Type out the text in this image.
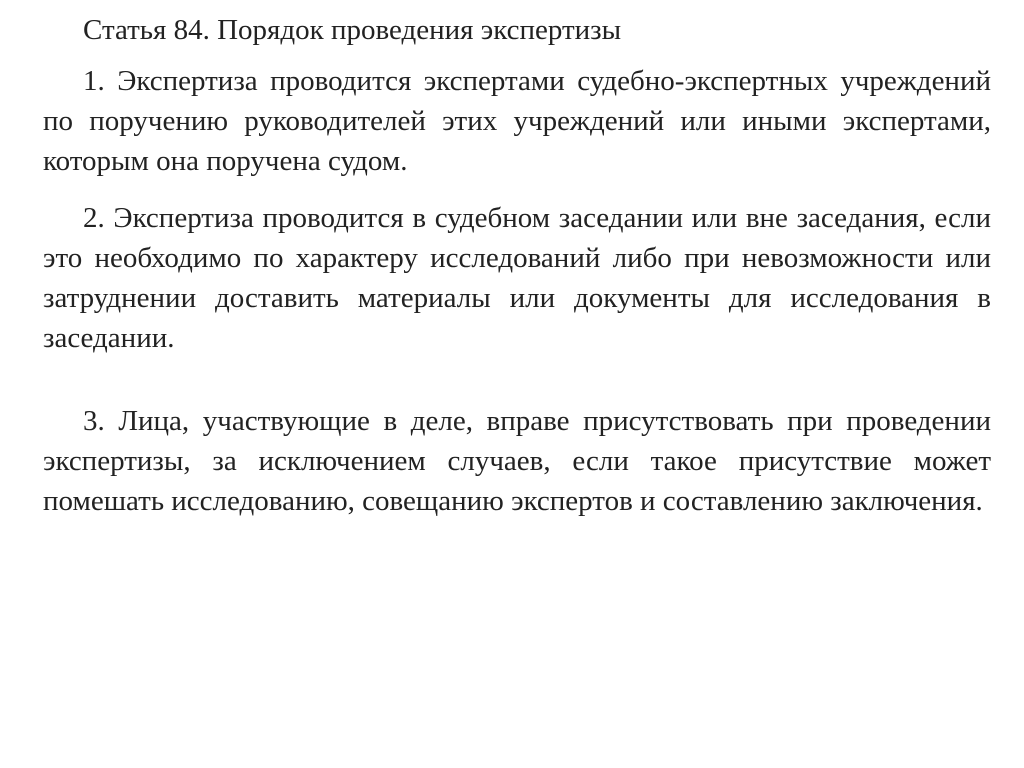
Статья 84. Порядок проведения экспертизы

1. Экспертиза проводится экспертами судебно-экспертных учреждений по поручению руководителей этих учреждений или иными экспертами, которым она поручена судом.

2. Экспертиза проводится в судебном заседании или вне заседания, если это необходимо по характеру исследований либо при невозможности или затруднении доставить материалы или документы для исследования в заседании.

3. Лица, участвующие в деле, вправе присутствовать при проведении экспертизы, за исключением случаев, если такое присутствие может помешать исследованию, совещанию экспертов и составлению заключения.
